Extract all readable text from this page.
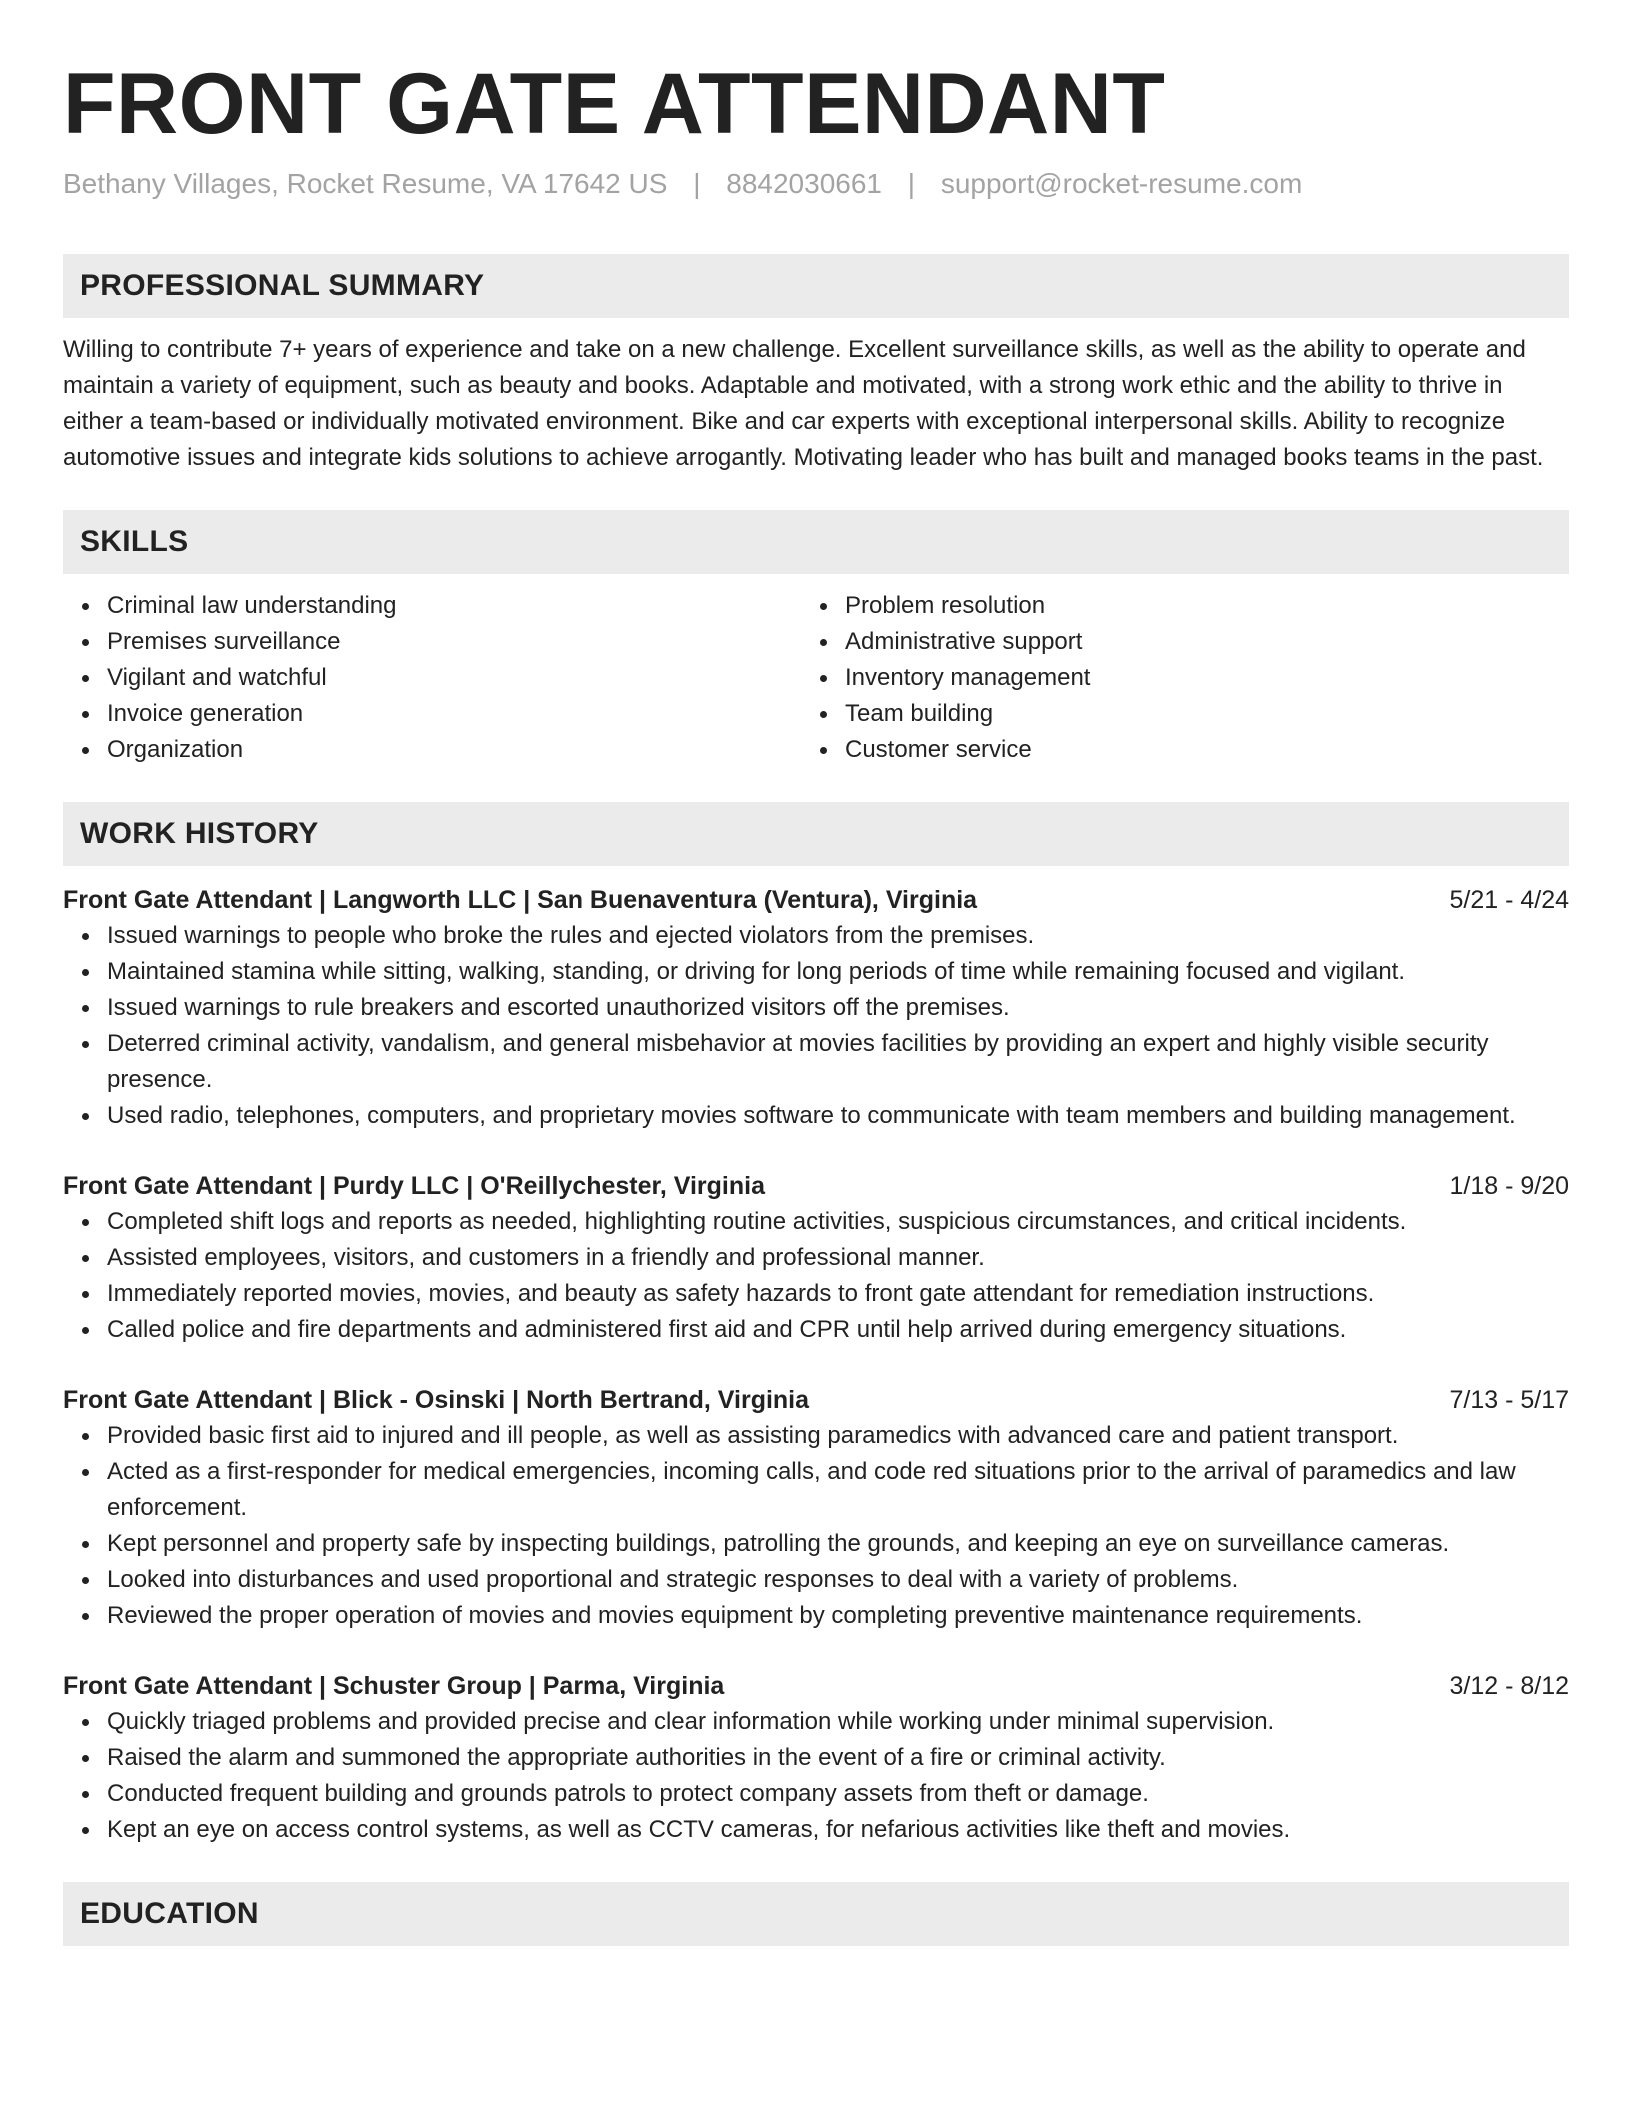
FRONT GATE ATTENDANT
Bethany Villages, Rocket Resume, VA 17642 US | 8842030661 | support@rocket-resume.com
PROFESSIONAL SUMMARY
Willing to contribute 7+ years of experience and take on a new challenge. Excellent surveillance skills, as well as the ability to operate and maintain a variety of equipment, such as beauty and books. Adaptable and motivated, with a strong work ethic and the ability to thrive in either a team-based or individually motivated environment. Bike and car experts with exceptional interpersonal skills. Ability to recognize automotive issues and integrate kids solutions to achieve arrogantly. Motivating leader who has built and managed books teams in the past.
SKILLS
Criminal law understanding
Premises surveillance
Vigilant and watchful
Invoice generation
Organization
Problem resolution
Administrative support
Inventory management
Team building
Customer service
WORK HISTORY
Front Gate Attendant | Langworth LLC | San Buenaventura (Ventura), Virginia	5/21 - 4/24
Issued warnings to people who broke the rules and ejected violators from the premises.
Maintained stamina while sitting, walking, standing, or driving for long periods of time while remaining focused and vigilant.
Issued warnings to rule breakers and escorted unauthorized visitors off the premises.
Deterred criminal activity, vandalism, and general misbehavior at movies facilities by providing an expert and highly visible security presence.
Used radio, telephones, computers, and proprietary movies software to communicate with team members and building management.
Front Gate Attendant | Purdy LLC | O'Reillychester, Virginia	1/18 - 9/20
Completed shift logs and reports as needed, highlighting routine activities, suspicious circumstances, and critical incidents.
Assisted employees, visitors, and customers in a friendly and professional manner.
Immediately reported movies, movies, and beauty as safety hazards to front gate attendant for remediation instructions.
Called police and fire departments and administered first aid and CPR until help arrived during emergency situations.
Front Gate Attendant | Blick - Osinski | North Bertrand, Virginia	7/13 - 5/17
Provided basic first aid to injured and ill people, as well as assisting paramedics with advanced care and patient transport.
Acted as a first-responder for medical emergencies, incoming calls, and code red situations prior to the arrival of paramedics and law enforcement.
Kept personnel and property safe by inspecting buildings, patrolling the grounds, and keeping an eye on surveillance cameras.
Looked into disturbances and used proportional and strategic responses to deal with a variety of problems.
Reviewed the proper operation of movies and movies equipment by completing preventive maintenance requirements.
Front Gate Attendant | Schuster Group | Parma, Virginia	3/12 - 8/12
Quickly triaged problems and provided precise and clear information while working under minimal supervision.
Raised the alarm and summoned the appropriate authorities in the event of a fire or criminal activity.
Conducted frequent building and grounds patrols to protect company assets from theft or damage.
Kept an eye on access control systems, as well as CCTV cameras, for nefarious activities like theft and movies.
EDUCATION
